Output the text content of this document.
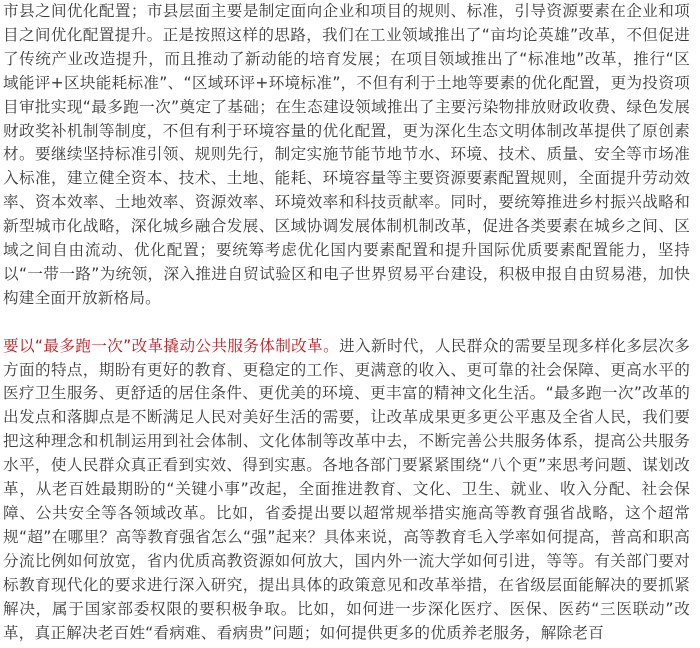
市县之间优化配置；市县层面主要是制定面向企业和项目的规则、标准，引导资源要素在企业和项目之间优化配置提升。正是按照这样的思路，我们在工业领域推出了“亩均论英雄”改革，不但促进了传统产业改造提升，而且推动了新动能的培育发展；在项目领域推出了“标准地”改革，推行“区域能评+区块能耗标准”、“区域环评+环境标准”，不但有利于土地等要素的优化配置，更为投资项目审批实现“最多跑一次”奠定了基础；在生态建设领域推出了主要污染物排放财政收费、绿色发展财政奖补机制等制度，不但有利于环境容量的优化配置，更为深化生态文明体制改革提供了原创素材。要继续坚持标准引领、规则先行，制定实施节能节地节水、环境、技术、质量、安全等市场准入标准，建立健全资本、技术、土地、能耗、环境容量等主要资源要素配置规则，全面提升劳动效率、资本效率、土地效率、资源效率、环境效率和科技贡献率。同时，要统筹推进乡村振兴战略和新型城市化战略，深化城乡融合发展、区域协调发展体制机制改革，促进各类要素在城乡之间、区域之间自由流动、优化配置；要统筹考虑优化国内要素配置和提升国际优质要素配置能力，坚持以“一带一路”为统领，深入推进自贸试验区和电子世界贸易平台建设，积极申报自由贸易港，加快构建全面开放新格局。

要以“最多跑一次”改革撬动公共服务体制改革。进入新时代，人民群众的需要呈现多样化多层次多方面的特点，期盼有更好的教育、更稳定的工作、更满意的收入、更可靠的社会保障、更高水平的医疗卫生服务、更舒适的居住条件、更优美的环境、更丰富的精神文化生活。“最多跑一次”改革的出发点和落脚点是不断满足人民对美好生活的需要，让改革成果更多更公平惠及全省人民，我们要把这种理念和机制运用到社会体制、文化体制等改革中去，不断完善公共服务体系，提高公共服务水平，使人民群众真正看到实效、得到实惠。各地各部门要紧紧围绕“八个更”来思考问题、谋划改革，从老百姓最期盼的“关键小事”改起，全面推进教育、文化、卫生、就业、收入分配、社会保障、公共安全等各领域改革。比如，省委提出要以超常规举措实施高等教育强省战略，这个超常规“超”在哪里？高等教育强省怎么“强”起来？具体来说，高等教育毛入学率如何提高，普高和职高分流比例如何放宽，省内优质高教资源如何放大，国内外一流大学如何引进，等等。有关部门要对标教育现代化的要求进行深入研究，提出具体的政策意见和改革举措，在省级层面能解决的要抓紧解决，属于国家部委权限的要积极争取。比如，如何进一步深化医疗、医保、医药“三医联动”改革，真正解决老百姓“看病难、看病贵”问题；如何提供更多的优质养老服务，解除老百
